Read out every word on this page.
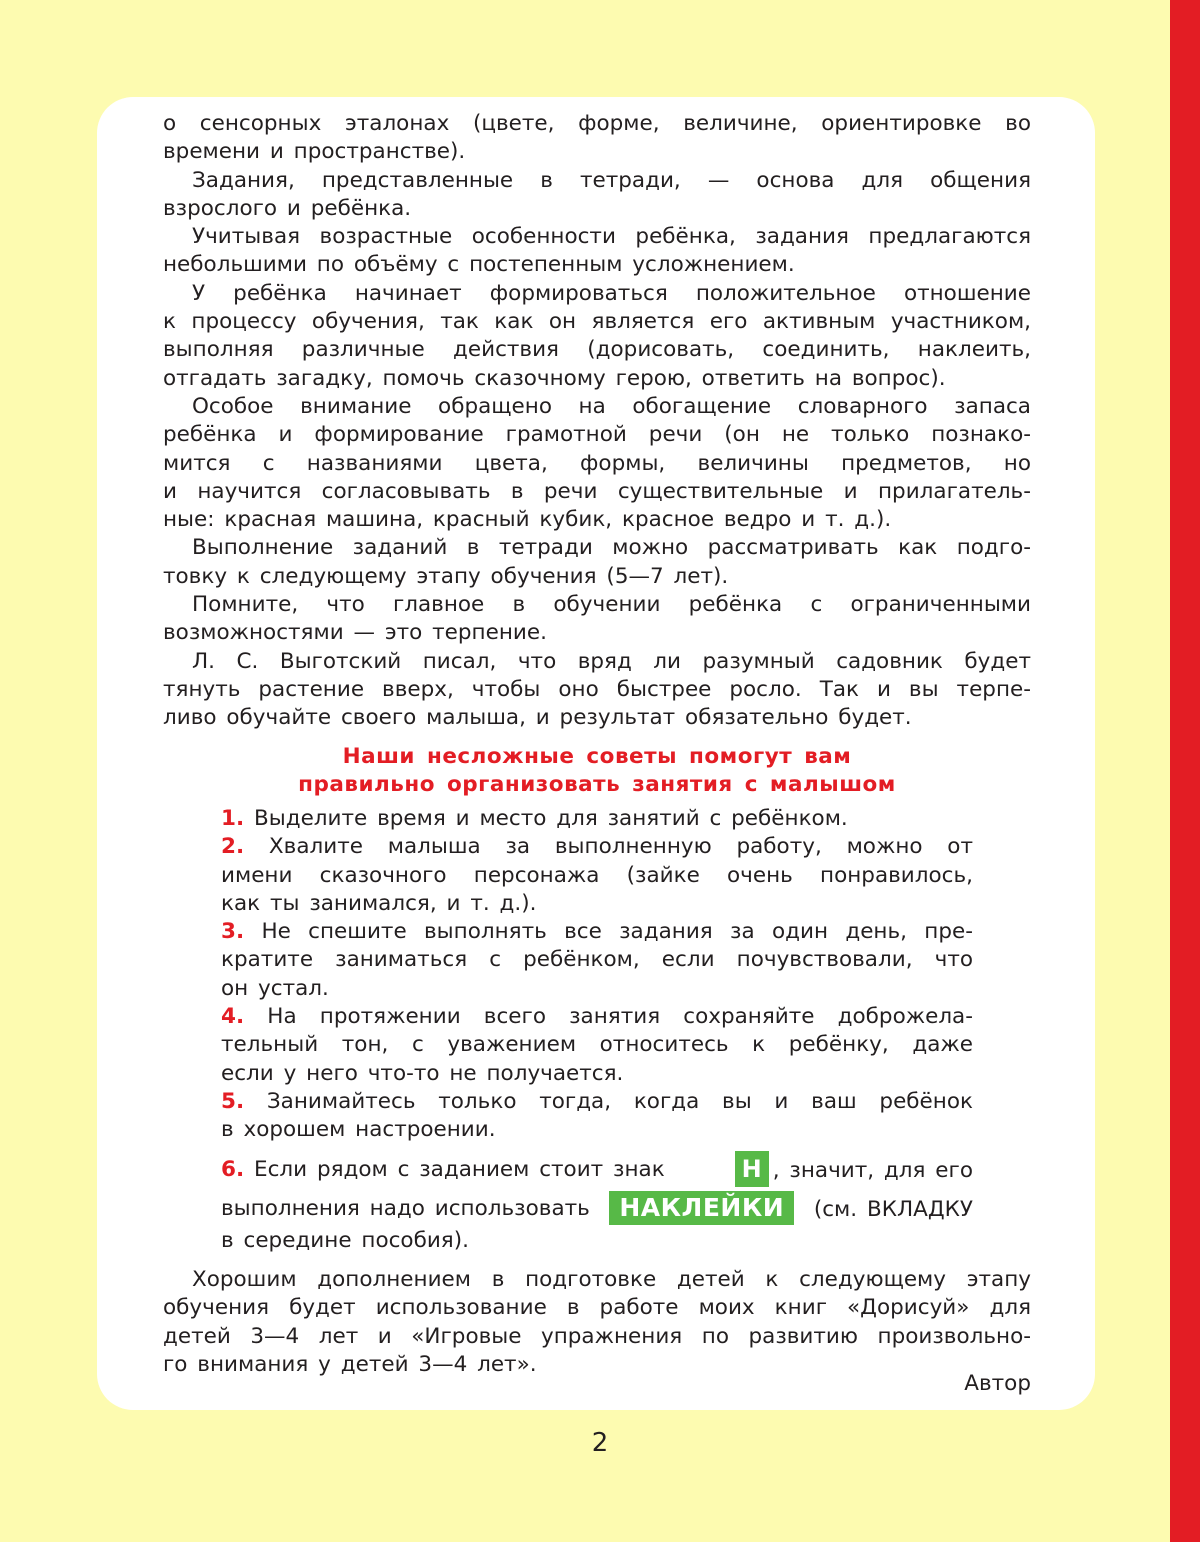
о сенсорных эталонах (цвете, форме, величине, ориентировке во
времени и пространстве).
Задания, представленные в тетради, — основа для общения
взрослого и ребёнка.
Учитывая возрастные особенности ребёнка, задания предлагаются
небольшими по объёму с постепенным усложнением.
У ребёнка начинает формироваться положительное отношение
к процессу обучения, так как он является его активным участником,
выполняя различные действия (дорисовать, соединить, наклеить,
отгадать загадку, помочь сказочному герою, ответить на вопрос).
Особое внимание обращено на обогащение словарного запаса
ребёнка и формирование грамотной речи (он не только познако-
мится с названиями цвета, формы, величины предметов, но
и научится согласовывать в речи существительные и прилагатель-
ные: красная машина, красный кубик, красное ведро и т. д.).
Выполнение заданий в тетради можно рассматривать как подго-
товку к следующему этапу обучения (5—7 лет).
Помните, что главное в обучении ребёнка с ограниченными
возможностями — это терпение.
Л. С. Выготский писал, что вряд ли разумный садовник будет
тянуть растение вверх, чтобы оно быстрее росло. Так и вы терпе-
ливо обучайте своего малыша, и результат обязательно будет.
Наши несложные советы помогут вам
правильно организовать занятия с малышом
1. Выделите время и место для занятий с ребёнком.
2. Хвалите малыша за выполненную работу, можно от
имени сказочного персонажа (зайке очень понравилось,
как ты занимался, и т. д.).
3. Не спешите выполнять все задания за один день, пре-
кратите заниматься с ребёнком, если почувствовали, что
он устал.
4. На протяжении всего занятия сохраняйте доброжела-
тельный тон, с уважением относитесь к ребёнку, даже
если у него что-то не получается.
5. Занимайтесь только тогда, когда вы и ваш ребёнок
в хорошем настроении.
6. Если рядом с заданием стоит знак	Н , значит, для его
выполнения надо использовать	НАКЛЕЙКИ (см. ВКЛАДКУ
в середине пособия).
Хорошим дополнением в подготовке детей к следующему этапу
обучения будет использование в работе моих книг «Дорисуй» для
детей 3—4 лет и «Игровые упражнения по развитию произвольно-
го внимания у детей 3—4 лет».
Автор
2
